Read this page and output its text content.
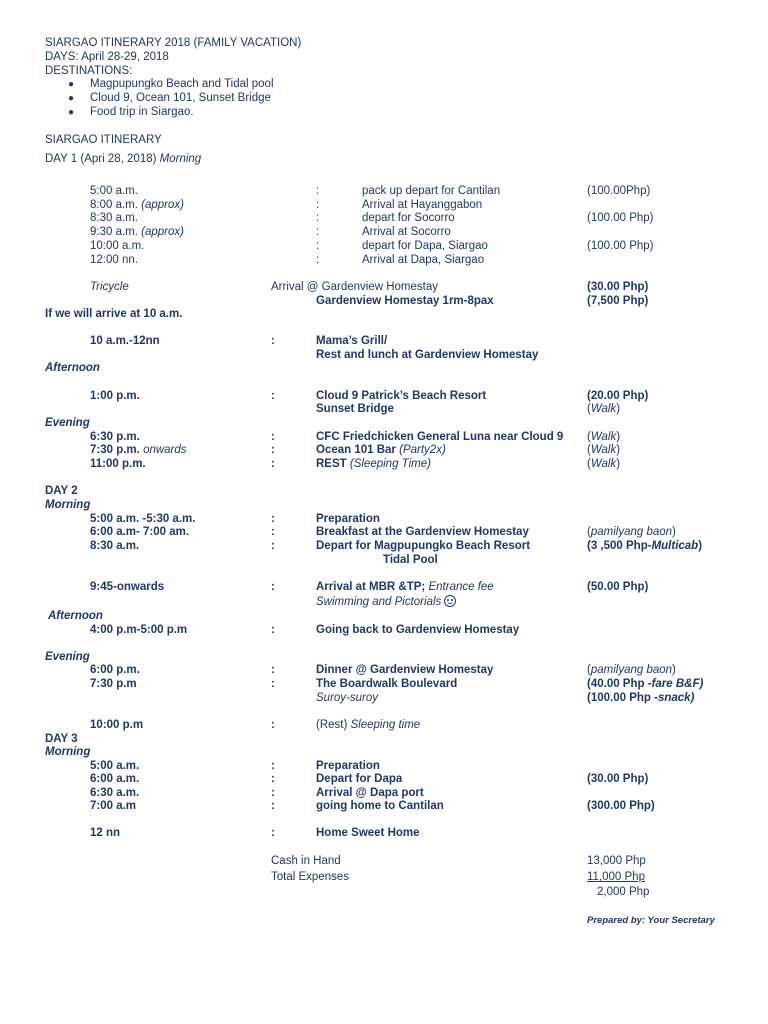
SIARGAO ITINERARY 2018 (FAMILY VACATION)
DAYS: April 28-29, 2018
DESTINATIONS:
● Magpupungko Beach and Tidal pool
● Cloud 9, Ocean 101, Sunset Bridge
● Food trip in Siargao.
SIARGAO ITINERARY
DAY 1 (Apri 28, 2018) Morning
5:00 a.m.	:	pack up depart for Cantilan	(100.00Php)
8:00 a.m. (approx)	:	Arrival at Hayanggabon
8:30 a.m.	:	depart for Socorro	(100.00 Php)
9:30 a.m. (approx)	:	Arrival at Socorro
10:00 a.m.	:	depart for Dapa, Siargao	(100.00 Php)
12:00 nn.	:	Arrival at Dapa, Siargao
Tricycle	Arrival @ Gardenview Homestay	(30.00 Php)
Gardenview Homestay 1rm-8pax	(7,500 Php)
If we will arrive at 10 a.m.
10 a.m.-12nn	:	Mama’s Grill/
Rest and lunch at Gardenview Homestay
Afternoon
1:00 p.m.	:	Cloud 9 Patrick’s Beach Resort	(20.00 Php)
Sunset Bridge	(Walk)
Evening
6:30 p.m.	:	CFC Friedchicken General Luna near Cloud 9 (Walk)
7:30 p.m. onwards	:	Ocean 101 Bar (Party2x)	(Walk)
11:00 p.m.	:	REST (Sleeping Time)	(Walk)
DAY 2
Morning
5:00 a.m. -5:30 a.m.	:	Preparation
6:00 a.m- 7:00 am.	:	Breakfast at the Gardenview Homestay	(pamilyang baon)
8:30 a.m.	:	Depart for Magpupungko Beach Resort	(3 ,500 Php-Multicab)
Tidal Pool
9:45-onwards	:	Arrival at MBR &TP; Entrance fee	(50.00 Php)
Swimming and Pictorials
Afternoon
4:00 p.m-5:00 p.m	:	Going back to Gardenview Homestay
Evening
6:00 p.m.	:	Dinner @ Gardenview Homestay	(pamilyang baon)
7:30 p.m	:	The Boardwalk Boulevard	(40.00 Php -fare B&F)
Suroy-suroy	(100.00 Php -snack)
10:00 p.m	:	(Rest) Sleeping time
DAY 3
Morning
5:00 a.m.	:	Preparation
6:00 a.m.	:	Depart for Dapa	(30.00 Php)
6:30 a.m.	:	Arrival @ Dapa port
7:00 a.m	:	going home to Cantilan	(300.00 Php)
12 nn	:	Home Sweet Home
Cash in Hand	13,000 Php
Total Expenses	11,000 Php
2,000 Php
Prepared by: Your Secretary
